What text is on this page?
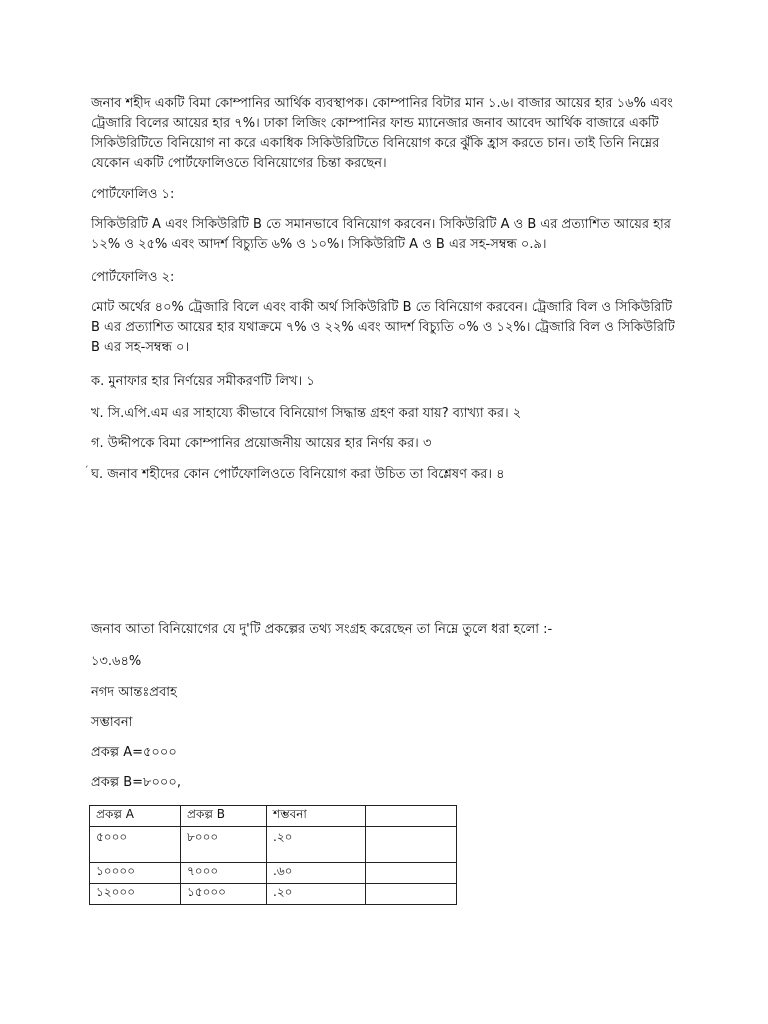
জনাব শহীদ একটি বিমা কোম্পানির আর্থিক ব্যবস্থাপক। কোম্পানির বিটার মান ১.৬। বাজার আয়ের হার ১৬% এবং ট্রেজারি বিলের আয়ের হার ৭%। ঢাকা লিজিং কোম্পানির ফান্ড ম্যানেজার জনাব আবেদ আর্থিক বাজারে একটি সিকিউরিটিতে বিনিয়োগ না করে একাধিক সিকিউরিটিতে বিনিয়োগ করে ঝুঁকি হ্রাস করতে চান। তাই তিনি নিম্নের যেকোন একটি পোর্টফোলিওতে বিনিয়োগের চিন্তা করছেন।

পোর্টফোলিও ১:

সিকিউরিটি A এবং সিকিউরিটি B তে সমানভাবে বিনিয়োগ করবেন। সিকিউরিটি A ও B এর প্রত্যাশিত আয়ের হার ১২% ও ২৫% এবং আদর্শ বিচ্যুতি ৬% ও ১০%। সিকিউরিটি A ও B এর সহ-সম্বন্ধ ০.৯।

পোর্টফোলিও ২:

মোট অর্থের ৪০% ট্রেজারি বিলে এবং বাকী অর্থ সিকিউরিটি B তে বিনিয়োগ করবেন। ট্রেজারি বিল ও সিকিউরিটি B এর প্রত্যাশিত আয়ের হার যথাক্রমে ৭% ও ২২% এবং আদর্শ বিচ্যুতি ০% ও ১২%। ট্রেজারি বিল ও সিকিউরিটি B এর সহ-সম্বন্ধ ০।

ক. মুনাফার হার নির্ণয়ের সমীকরণটি লিখ। ১
খ. সি.এপি.এম এর সাহায্যে কীভাবে বিনিয়োগ সিদ্ধান্ত গ্রহণ করা যায়? ব্যাখ্যা কর। ২
গ. উদ্দীপকে বিমা কোম্পানির প্রয়োজনীয় আয়ের হার নির্ণয় কর। ৩
´ ঘ. জনাব শহীদের কোন পোর্টফোলিওতে বিনিয়োগ করা উচিত তা বিশ্লেষণ কর। ৪
জনাব আতা বিনিয়োগের যে দু'টি প্রকল্পের তথ্য সংগ্রহ করেছেন তা নিম্নে তুলে ধরা হলো :-
১৩.৬৪%
নগদ আন্তঃপ্রবাহ
সম্ভাবনা
প্রকল্প A=৫০০০
প্রকল্প B=৮০০০,
প্রকল্প A	প্রকল্প B	শম্ভবনা	
৫০০০	৮০০০	.২০	
১০০০০	৭০০০	.৬০	
১২০০০	১৫০০০	.২০	
